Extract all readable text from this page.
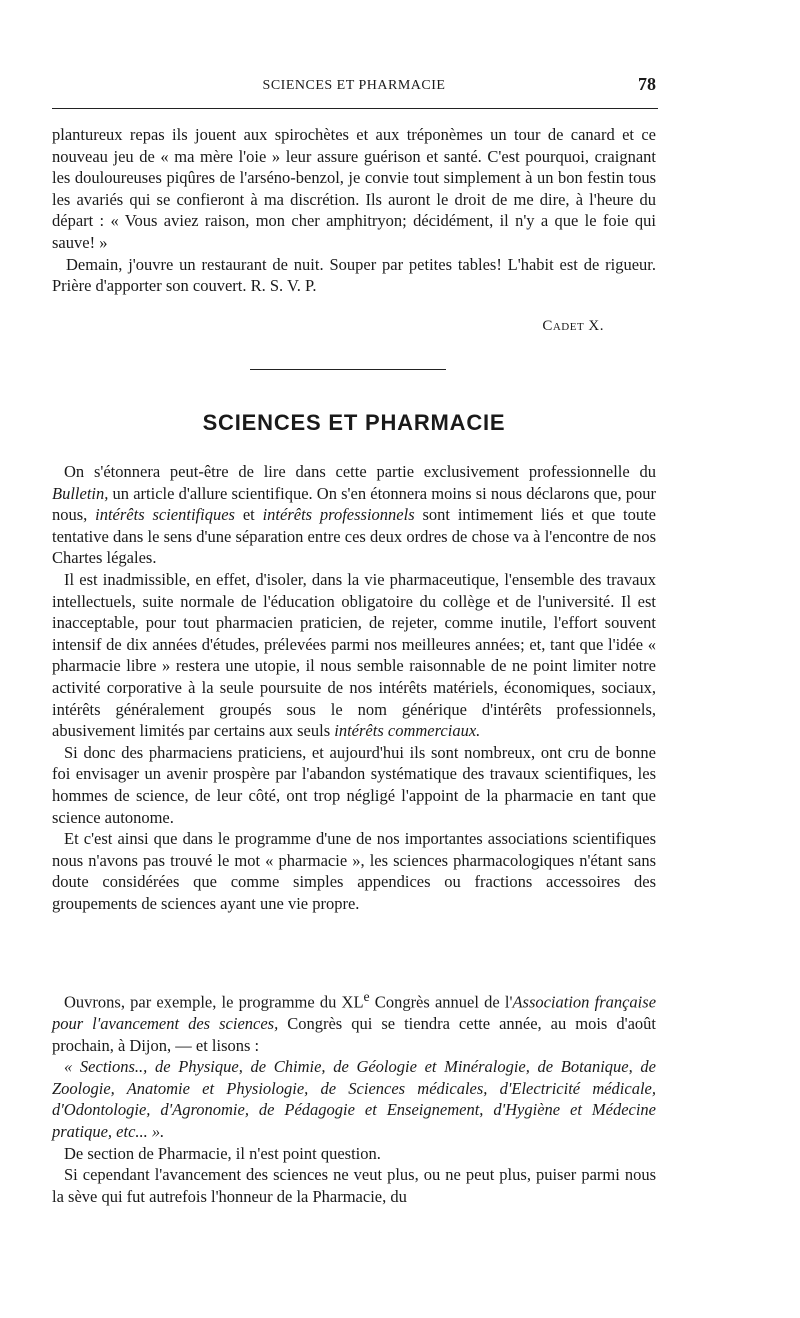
SCIENCES ET PHARMACIE	78

plantureux repas ils jouent aux spirochètes et aux tréponèmes un tour de canard et ce nouveau jeu de « ma mère l'oie » leur assure guérison et santé. C'est pourquoi, craignant les douloureuses piqûres de l'arséno-benzol, je convie tout simplement à un bon festin tous les avariés qui se confieront à ma discrétion. Ils auront le droit de me dire, à l'heure du départ : « Vous aviez raison, mon cher amphitryon; décidément, il n'y a que le foie qui sauve! »

Demain, j'ouvre un restaurant de nuit. Souper par petites tables! L'habit est de rigueur. Prière d'apporter son couvert. R. S. V. P.

Cadet X.
SCIENCES ET PHARMACIE

On s'étonnera peut-être de lire dans cette partie exclusivement professionnelle du Bulletin, un article d'allure scientifique. On s'en étonnera moins si nous déclarons que, pour nous, intérêts scientifiques et intérêts professionnels sont intimement liés et que toute tentative dans le sens d'une séparation entre ces deux ordres de chose va à l'encontre de nos Chartes légales.

Il est inadmissible, en effet, d'isoler, dans la vie pharmaceutique, l'ensemble des travaux intellectuels, suite normale de l'éducation obligatoire du collège et de l'université. Il est inacceptable, pour tout pharmacien praticien, de rejeter, comme inutile, l'effort souvent intensif de dix années d'études, prélevées parmi nos meilleures années; et, tant que l'idée « pharmacie libre » restera une utopie, il nous semble raisonnable de ne point limiter notre activité corporative à la seule poursuite de nos intérêts matériels, économiques, sociaux, intérêts généralement groupés sous le nom générique d'intérêts professionnels, abusivement limités par certains aux seuls intérêts commerciaux.

Si donc des pharmaciens praticiens, et aujourd'hui ils sont nombreux, ont cru de bonne foi envisager un avenir prospère par l'abandon systématique des travaux scientifiques, les hommes de science, de leur côté, ont trop négligé l'appoint de la pharmacie en tant que science autonome.

Et c'est ainsi que dans le programme d'une de nos importantes associations scientifiques nous n'avons pas trouvé le mot « pharmacie », les sciences pharmacologiques n'étant sans doute considérées que comme simples appendices ou fractions accessoires des groupements de sciences ayant une vie propre.

Ouvrons, par exemple, le programme du XLe Congrès annuel de l'Association française pour l'avancement des sciences, Congrès qui se tiendra cette année, au mois d'août prochain, à Dijon, — et lisons :

« Sections.., de Physique, de Chimie, de Géologie et Minéralogie, de Botanique, de Zoologie, Anatomie et Physiologie, de Sciences médicales, d'Electricité médicale, d'Odontologie, d'Agronomie, de Pédagogie et Enseignement, d'Hygiène et Médecine pratique, etc... ».

De section de Pharmacie, il n'est point question.

Si cependant l'avancement des sciences ne veut plus, ou ne peut plus, puiser parmi nous la sève qui fut autrefois l'honneur de la Pharmacie, du
